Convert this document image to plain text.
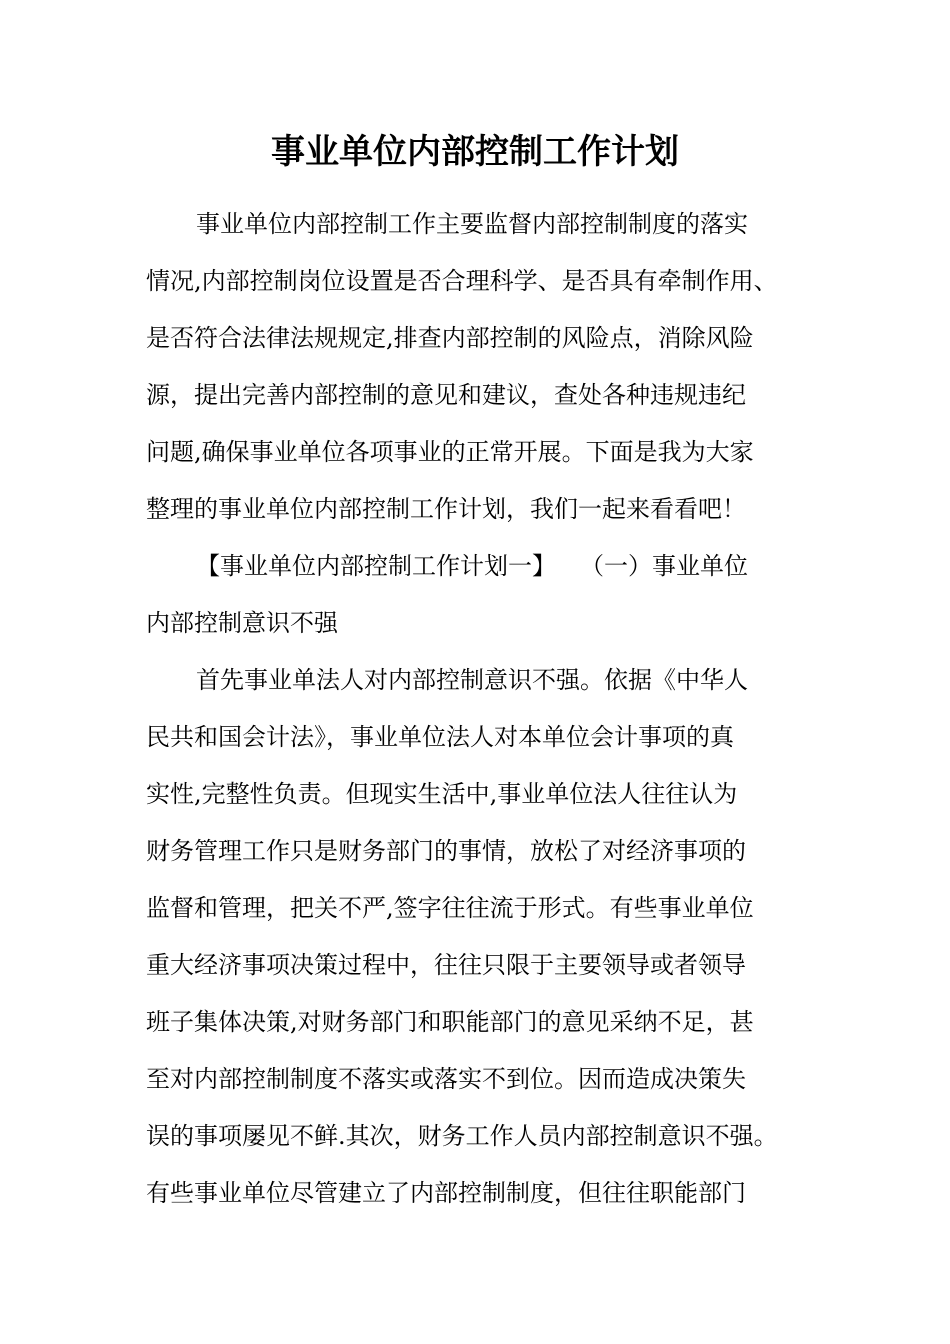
事业单位内部控制工作计划
事业单位内部控制工作主要监督内部控制制度的落实
情况,内部控制岗位设置是否合理科学、是否具有牵制作用、
是否符合法律法规规定,排查内部控制的风险点，消除风险
源，提出完善内部控制的意见和建议，查处各种违规违纪
问题,确保事业单位各项事业的正常开展。下面是我为大家
整理的事业单位内部控制工作计划，我们一起来看看吧！
【事业单位内部控制工作计划一】　　（一）事业单位
内部控制意识不强
首先事业单法人对内部控制意识不强。依据《中华人
民共和国会计法》，事业单位法人对本单位会计事项的真
实性,完整性负责。但现实生活中,事业单位法人往往认为
财务管理工作只是财务部门的事情，放松了对经济事项的
监督和管理，把关不严,签字往往流于形式。有些事业单位
重大经济事项决策过程中，往往只限于主要领导或者领导
班子集体决策,对财务部门和职能部门的意见采纳不足，甚
至对内部控制制度不落实或落实不到位。因而造成决策失
误的事项屡见不鲜.其次，财务工作人员内部控制意识不强。
有些事业单位尽管建立了内部控制制度，但往往职能部门
